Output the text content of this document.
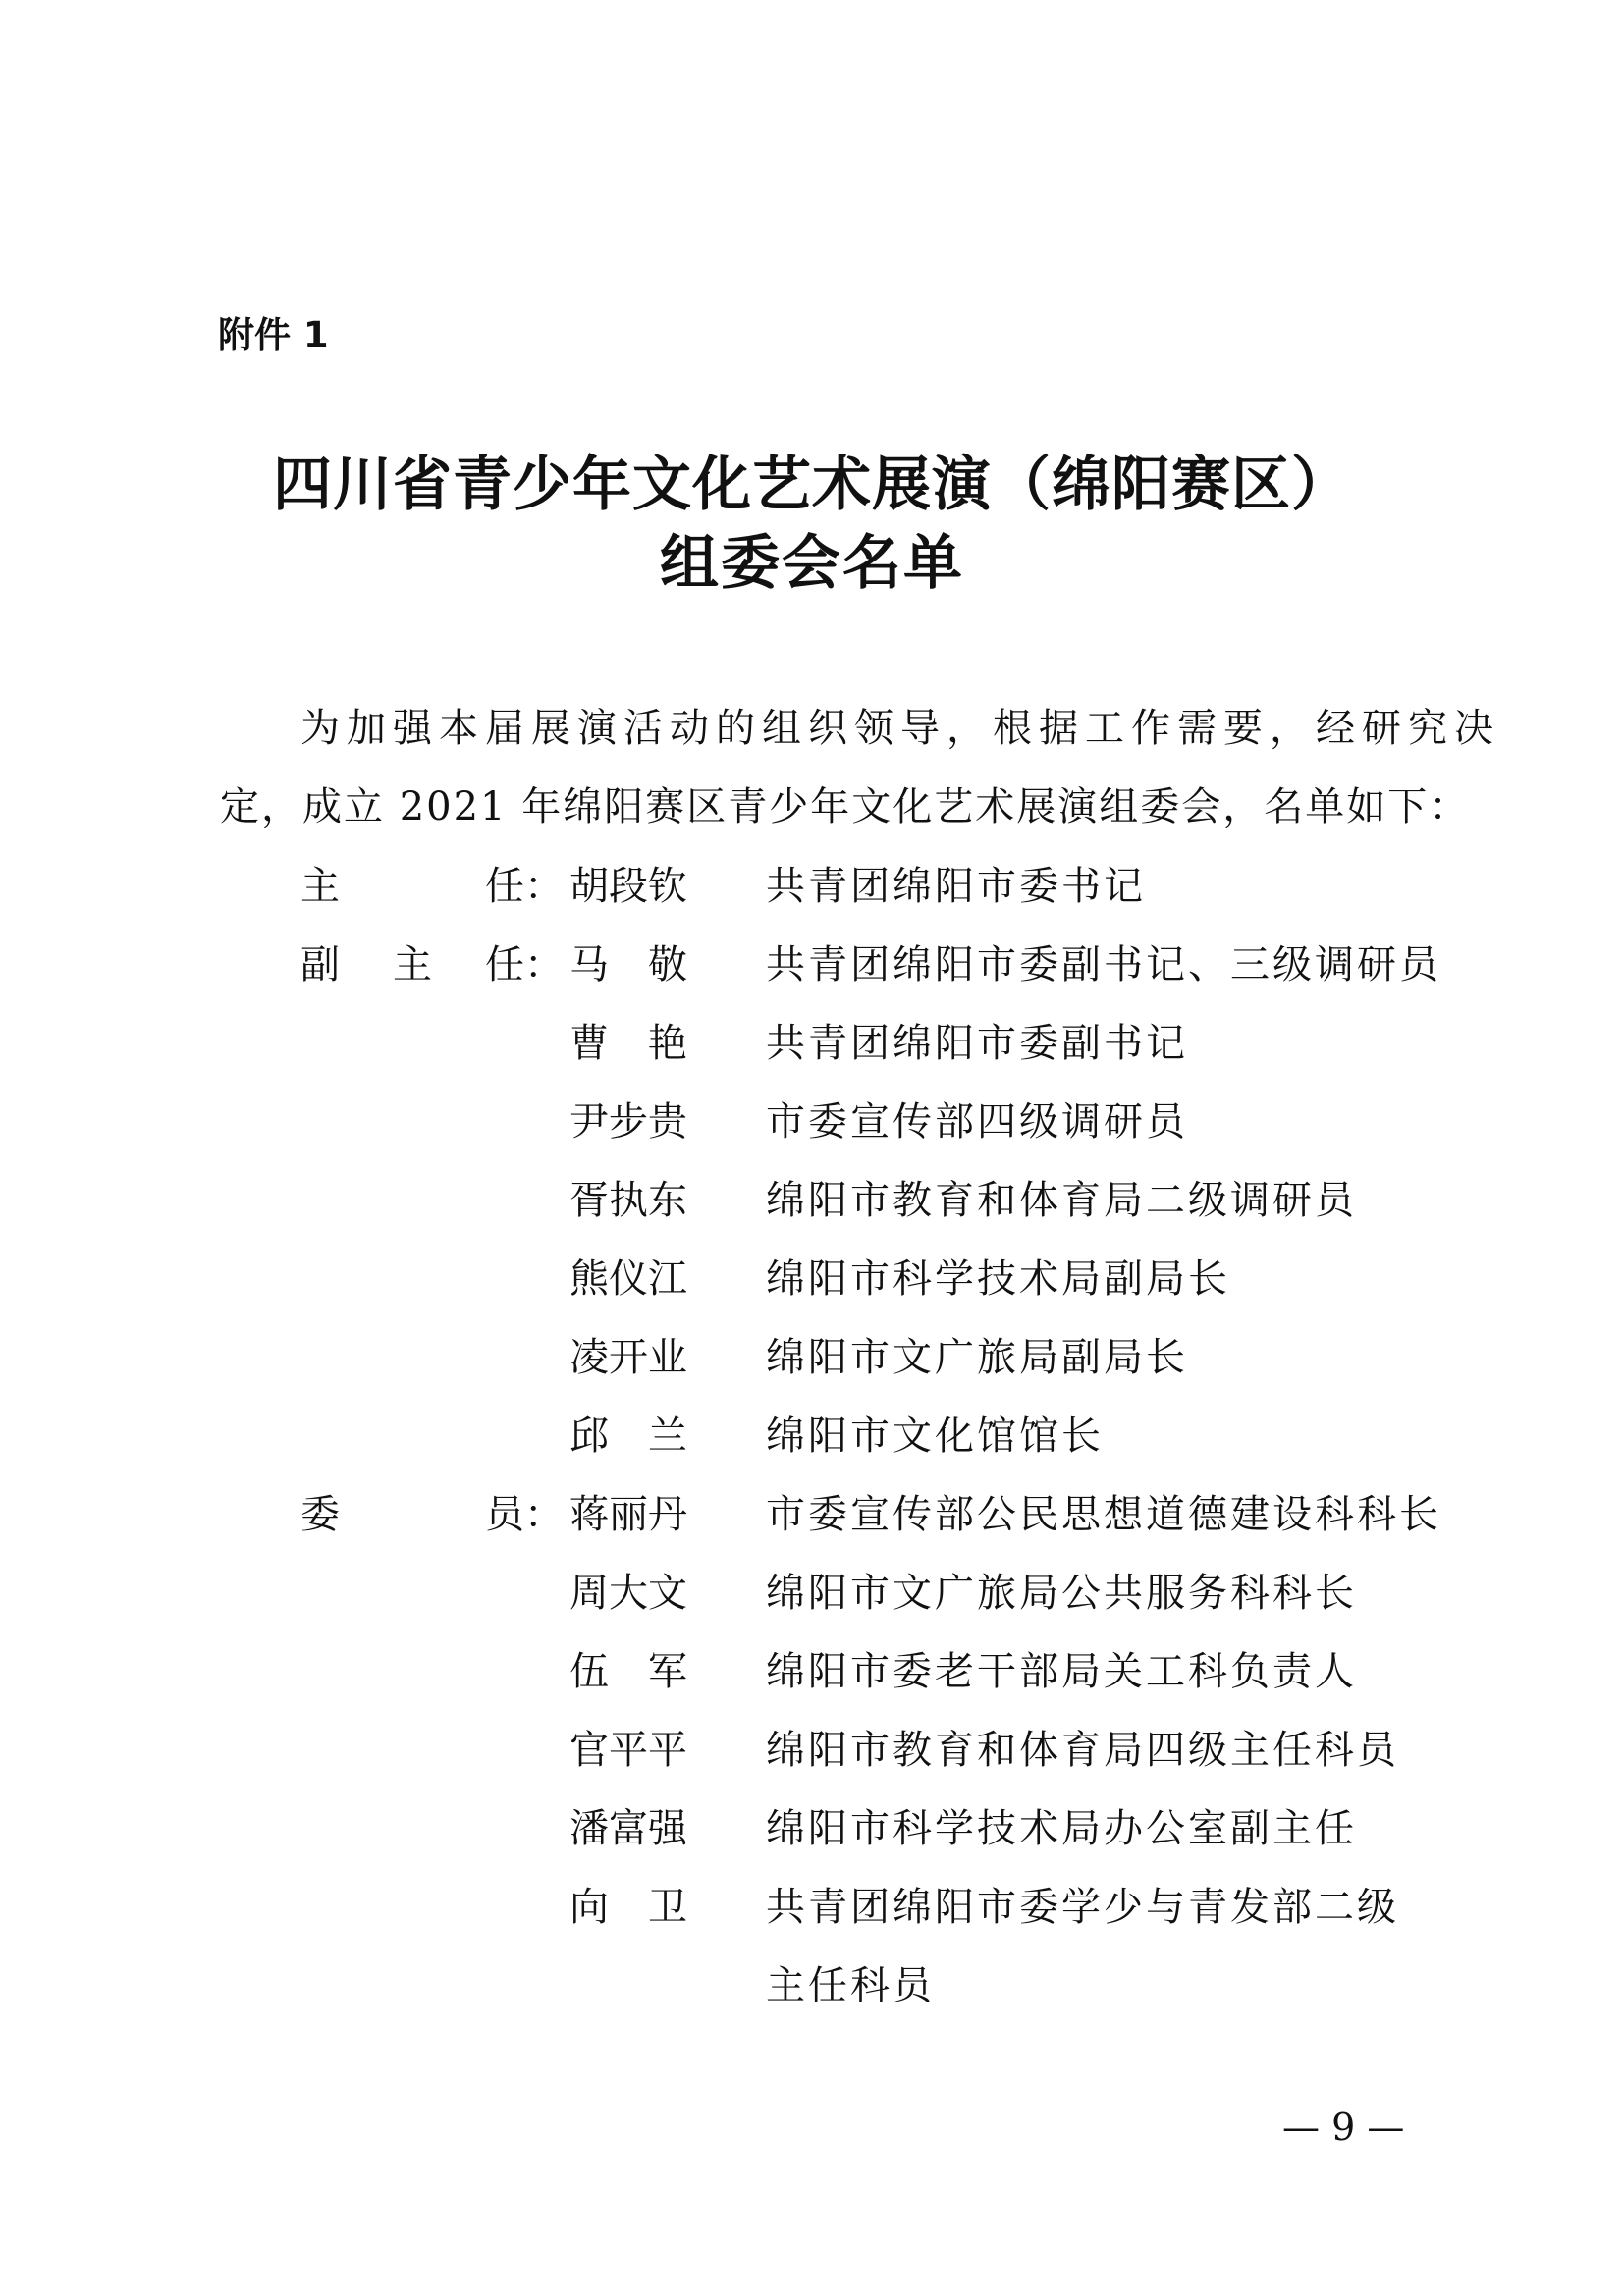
附件 1
四川省青少年文化艺术展演（绵阳赛区）
组委会名单
为加强本届展演活动的组织领导，根据工作需要，经研究决
定，成立 2021 年绵阳赛区青少年文化艺术展演组委会，名单如下：
主	任： 胡段钦 共青团绵阳市委书记
副 主 任： 马 敬 共青团绵阳市委副书记、三级调研员
曹 艳 共青团绵阳市委副书记
尹步贵 市委宣传部四级调研员
胥执东 绵阳市教育和体育局二级调研员
熊仪江 绵阳市科学技术局副局长
凌开业 绵阳市文广旅局副局长
邱 兰 绵阳市文化馆馆长
委	员： 蒋丽丹 市委宣传部公民思想道德建设科科长
周大文 绵阳市文广旅局公共服务科科长
伍 军 绵阳市委老干部局关工科负责人
官平平 绵阳市教育和体育局四级主任科员
潘富强 绵阳市科学技术局办公室副主任
向 卫 共青团绵阳市委学少与青发部二级
主任科员
— 9 —
